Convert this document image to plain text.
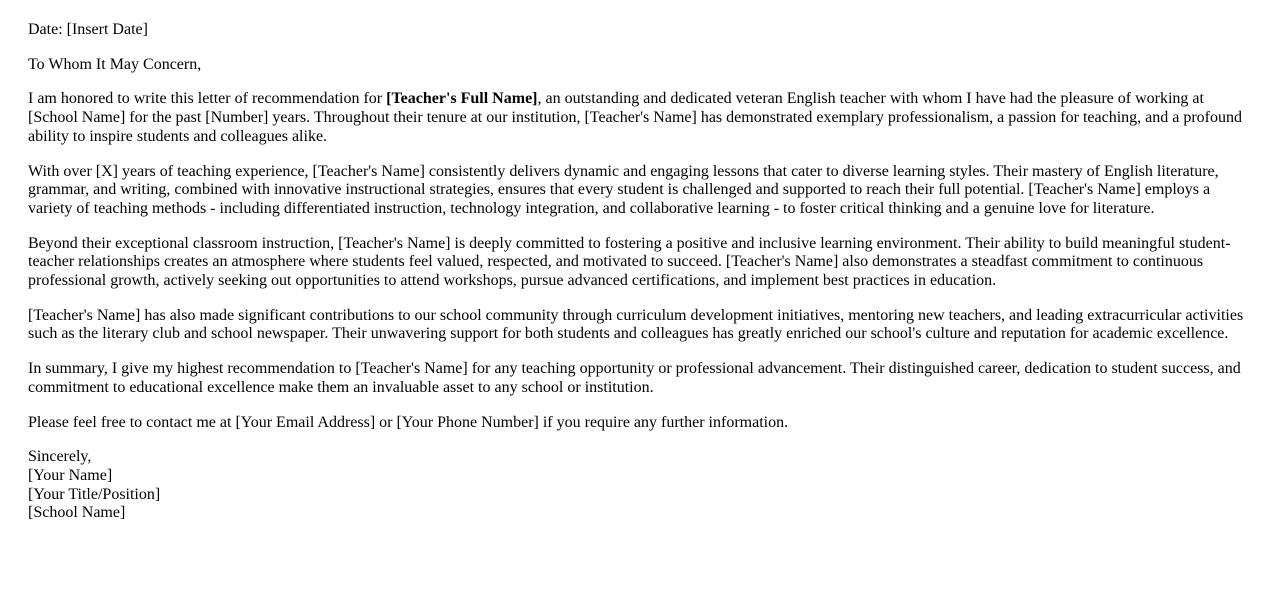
Date: [Insert Date]

To Whom It May Concern,

I am honored to write this letter of recommendation for [Teacher's Full Name], an outstanding and dedicated veteran English teacher with whom I have had the pleasure of working at [School Name] for the past [Number] years. Throughout their tenure at our institution, [Teacher's Name] has demonstrated exemplary professionalism, a passion for teaching, and a profound ability to inspire students and colleagues alike.

With over [X] years of teaching experience, [Teacher's Name] consistently delivers dynamic and engaging lessons that cater to diverse learning styles. Their mastery of English literature, grammar, and writing, combined with innovative instructional strategies, ensures that every student is challenged and supported to reach their full potential. [Teacher's Name] employs a variety of teaching methods - including differentiated instruction, technology integration, and collaborative learning - to foster critical thinking and a genuine love for literature.

Beyond their exceptional classroom instruction, [Teacher's Name] is deeply committed to fostering a positive and inclusive learning environment. Their ability to build meaningful student-teacher relationships creates an atmosphere where students feel valued, respected, and motivated to succeed. [Teacher's Name] also demonstrates a steadfast commitment to continuous professional growth, actively seeking out opportunities to attend workshops, pursue advanced certifications, and implement best practices in education.

[Teacher's Name] has also made significant contributions to our school community through curriculum development initiatives, mentoring new teachers, and leading extracurricular activities such as the literary club and school newspaper. Their unwavering support for both students and colleagues has greatly enriched our school's culture and reputation for academic excellence.

In summary, I give my highest recommendation to [Teacher's Name] for any teaching opportunity or professional advancement. Their distinguished career, dedication to student success, and commitment to educational excellence make them an invaluable asset to any school or institution.

Please feel free to contact me at [Your Email Address] or [Your Phone Number] if you require any further information.

Sincerely,
[Your Name]
[Your Title/Position]
[School Name]
